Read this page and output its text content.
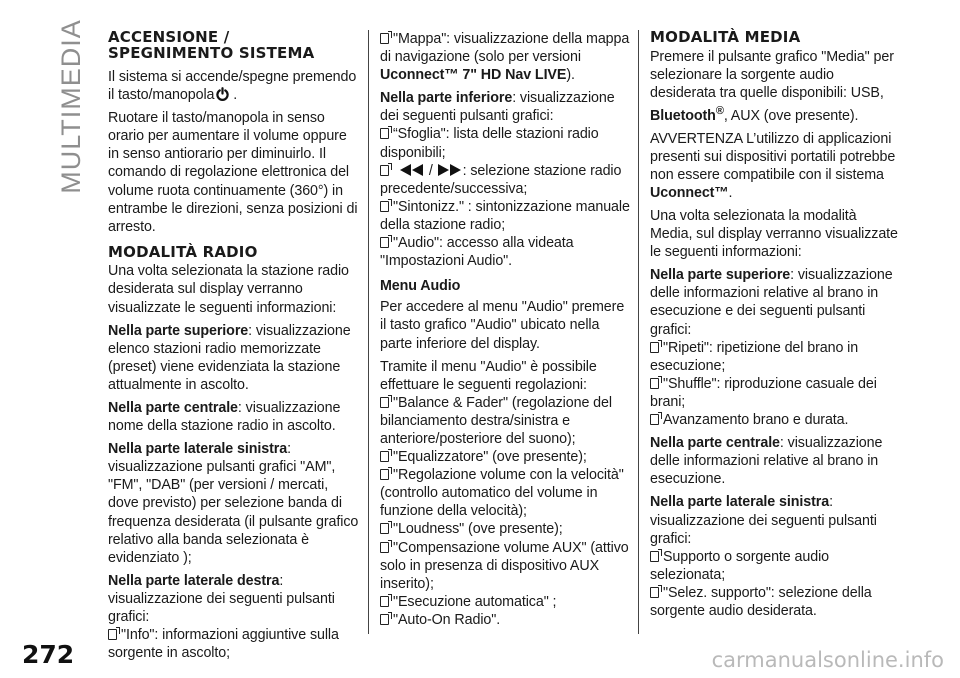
MULTIMEDIA
272	carmanualsonline.info
ACCENSIONE /
SPEGNIMENTO SISTEMA

Il sistema si accende/spegne premendo il tasto/manopola .

Ruotare il tasto/manopola in senso orario per aumentare il volume oppure in senso antiorario per diminuirlo. Il comando di regolazione elettronica del volume ruota continuamente (360°) in entrambe le direzioni, senza posizioni di arresto.

MODALITÀ RADIO

Una volta selezionata la stazione radio desiderata sul display verranno visualizzate le seguenti informazioni:

Nella parte superiore: visualizzazione elenco stazioni radio memorizzate (preset) viene evidenziata la stazione attualmente in ascolto.

Nella parte centrale: visualizzazione nome della stazione radio in ascolto.

Nella parte laterale sinistra: visualizzazione pulsanti grafici "AM", "FM", "DAB" (per versioni / mercati, dove previsto) per selezione banda di frequenza desiderata (il pulsante grafico relativo alla banda selezionata è evidenziato );

Nella parte laterale destra: visualizzazione dei seguenti pulsanti grafici:

"Info": informazioni aggiuntive sulla sorgente in ascolto;

"Mappa": visualizzazione della mappa di navigazione (solo per versioni Uconnect™ 7" HD Nav LIVE).

Nella parte inferiore: visualizzazione dei seguenti pulsanti grafici:

“Sfoglia": lista delle stazioni radio disponibili;
/ : selezione stazione radio precedente/successiva;
"Sintonizz." : sintonizzazione manuale della stazione radio;
"Audio": accesso alla videata "Impostazioni Audio".
Menu Audio

Per accedere al menu "Audio" premere il tasto grafico "Audio" ubicato nella parte inferiore del display.

Tramite il menu "Audio" è possibile effettuare le seguenti regolazioni:

"Balance & Fader" (regolazione del bilanciamento destra/sinistra e anteriore/posteriore del suono);
"Equalizzatore" (ove presente);
"Regolazione volume con la velocità" (controllo automatico del volume in funzione della velocità);
"Loudness" (ove presente);
"Compensazione volume AUX" (attivo solo in presenza di dispositivo AUX inserito);
"Esecuzione automatica" ;
"Auto-On Radio".
MODALITÀ MEDIA

Premere il pulsante grafico "Media" per selezionare la sorgente audio desiderata tra quelle disponibili: USB, Bluetooth®, AUX (ove presente).

AVVERTENZA L’utilizzo di applicazioni presenti sui dispositivi portatili potrebbe non essere compatibile con il sistema Uconnect™.

Una volta selezionata la modalità Media, sul display verranno visualizzate le seguenti informazioni:

Nella parte superiore: visualizzazione delle informazioni relative al brano in esecuzione e dei seguenti pulsanti grafici:

"Ripeti": ripetizione del brano in esecuzione;
"Shuffle": riproduzione casuale dei brani;
Avanzamento brano e durata.

Nella parte centrale: visualizzazione delle informazioni relative al brano in esecuzione.

Nella parte laterale sinistra: visualizzazione dei seguenti pulsanti grafici:

Supporto o sorgente audio selezionata;
"Selez. supporto": selezione della sorgente audio desiderata.
